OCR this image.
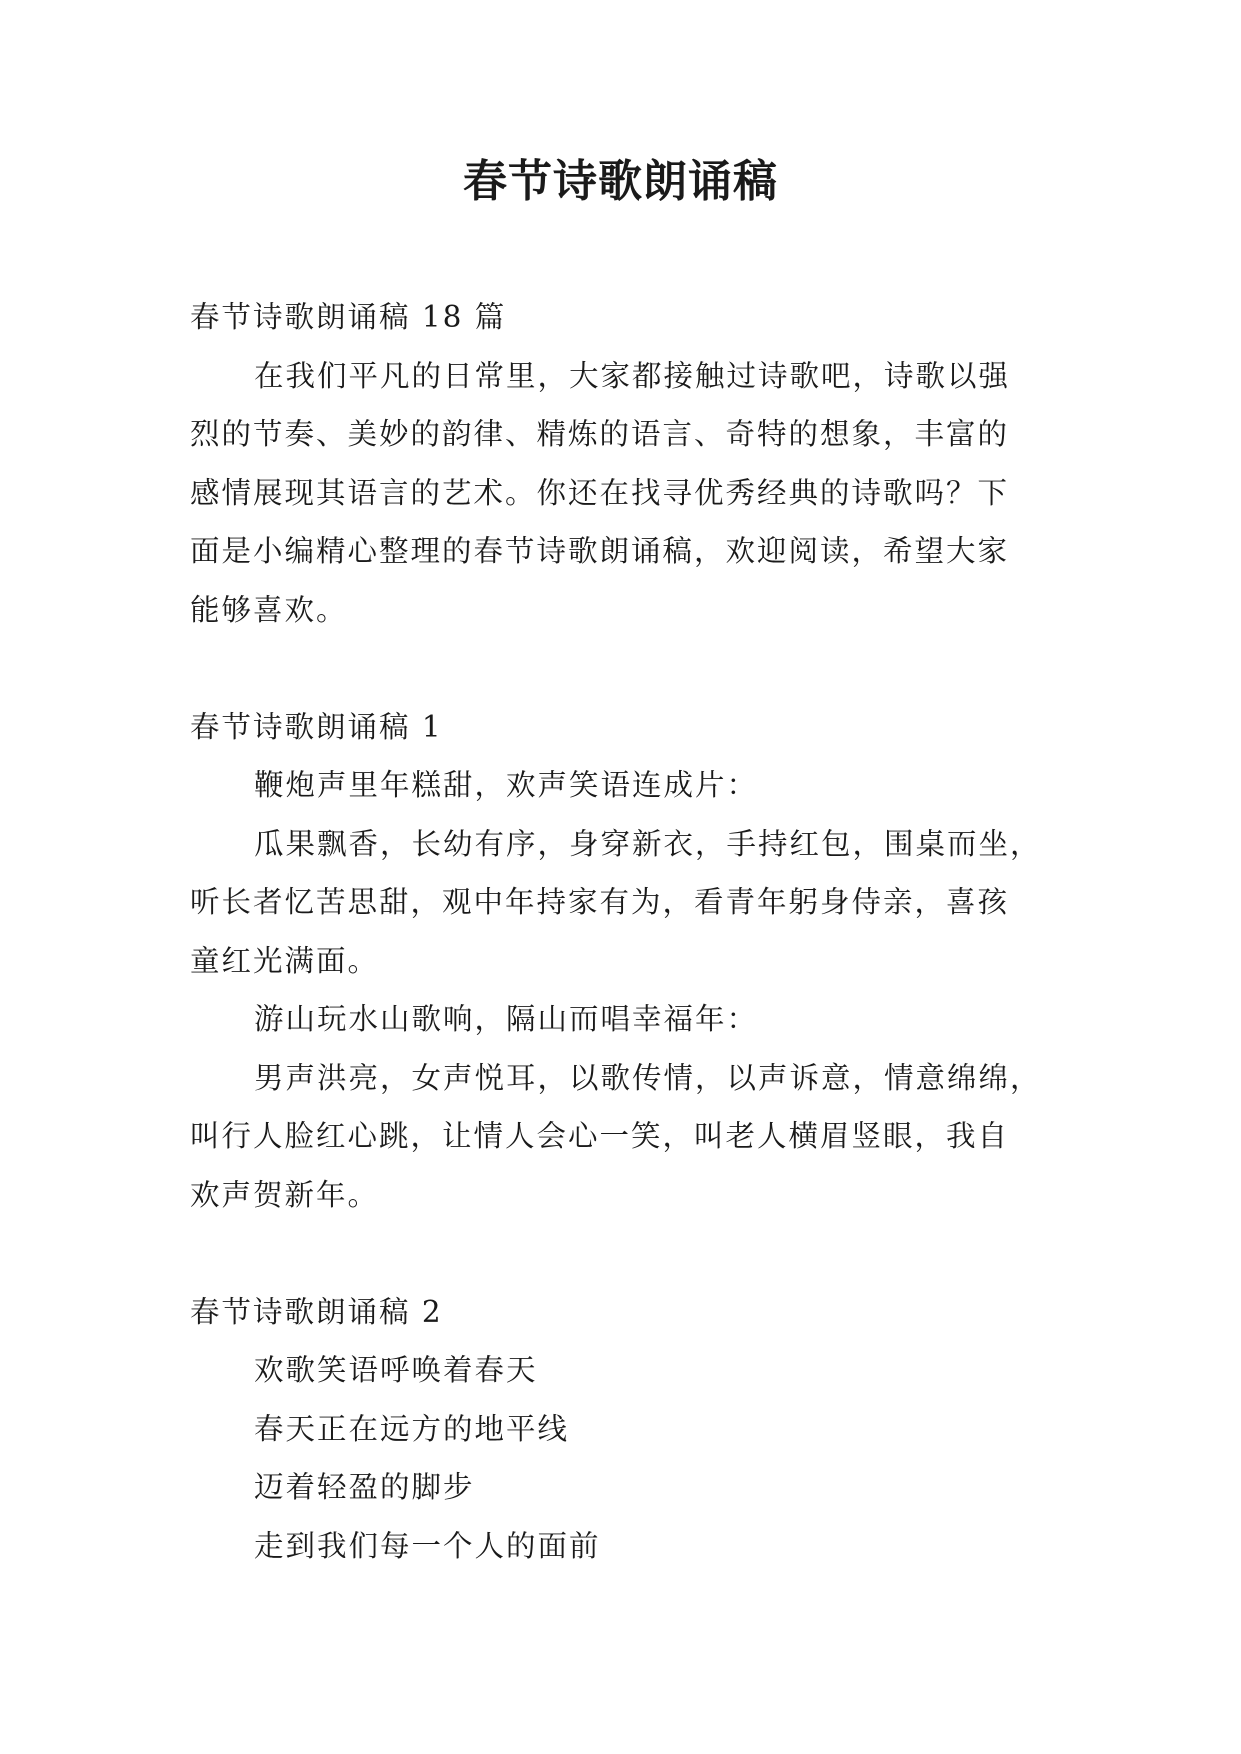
春节诗歌朗诵稿
春节诗歌朗诵稿 18 篇

在我们平凡的日常里，大家都接触过诗歌吧，诗歌以强

烈的节奏、美妙的韵律、精炼的语言、奇特的想象，丰富的

感情展现其语言的艺术。你还在找寻优秀经典的诗歌吗？下

面是小编精心整理的春节诗歌朗诵稿，欢迎阅读，希望大家

能够喜欢。

春节诗歌朗诵稿 1

鞭炮声里年糕甜，欢声笑语连成片：

瓜果飘香，长幼有序，身穿新衣，手持红包，围桌而坐，

听长者忆苦思甜，观中年持家有为，看青年躬身侍亲，喜孩

童红光满面。

游山玩水山歌响，隔山而唱幸福年：

男声洪亮，女声悦耳，以歌传情，以声诉意，情意绵绵，

叫行人脸红心跳，让情人会心一笑，叫老人横眉竖眼，我自

欢声贺新年。

春节诗歌朗诵稿 2

欢歌笑语呼唤着春天

春天正在远方的地平线

迈着轻盈的脚步

走到我们每一个人的面前
